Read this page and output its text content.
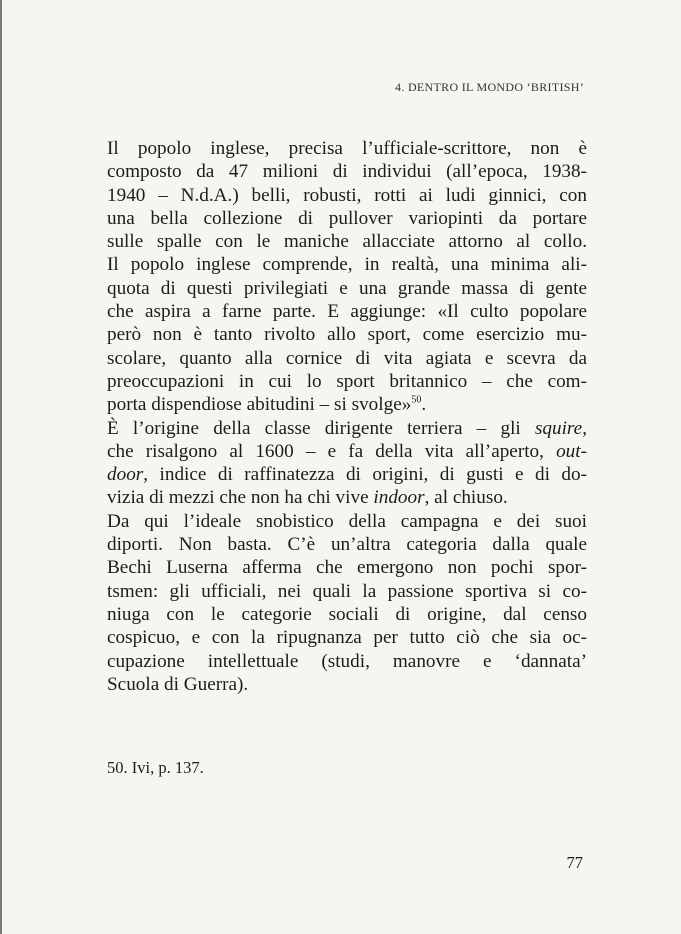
4. DENTRO IL MONDO ‘BRITISH’
Il popolo inglese, precisa l’ufficiale-scrittore, non è
composto da 47 milioni di individui (all’epoca, 1938-
1940 – N.d.A.) belli, robusti, rotti ai ludi ginnici, con
una bella collezione di pullover variopinti da portare
sulle spalle con le maniche allacciate attorno al collo.
Il popolo inglese comprende, in realtà, una minima ali-
quota di questi privilegiati e una grande massa di gente
che aspira a farne parte. E aggiunge: «Il culto popolare
però non è tanto rivolto allo sport, come esercizio mu-
scolare, quanto alla cornice di vita agiata e scevra da
preoccupazioni in cui lo sport britannico – che com-
porta dispendiose abitudini – si svolge»$^{50}$.
È l’origine della classe dirigente terriera – gli squire,
che risalgono al 1600 – e fa della vita all’aperto, out-
door, indice di raffinatezza di origini, di gusti e di do-
vizia di mezzi che non ha chi vive indoor, al chiuso.
Da qui l’ideale snobistico della campagna e dei suoi
diporti. Non basta. C’è un’altra categoria dalla quale
Bechi Luserna afferma che emergono non pochi spor-
tsmen: gli ufficiali, nei quali la passione sportiva si co-
niuga con le categorie sociali di origine, dal censo
cospicuo, e con la ripugnanza per tutto ciò che sia oc-
cupazione intellettuale (studi, manovre e ‘dannata’
Scuola di Guerra).
50. Ivi, p. 137.
77
